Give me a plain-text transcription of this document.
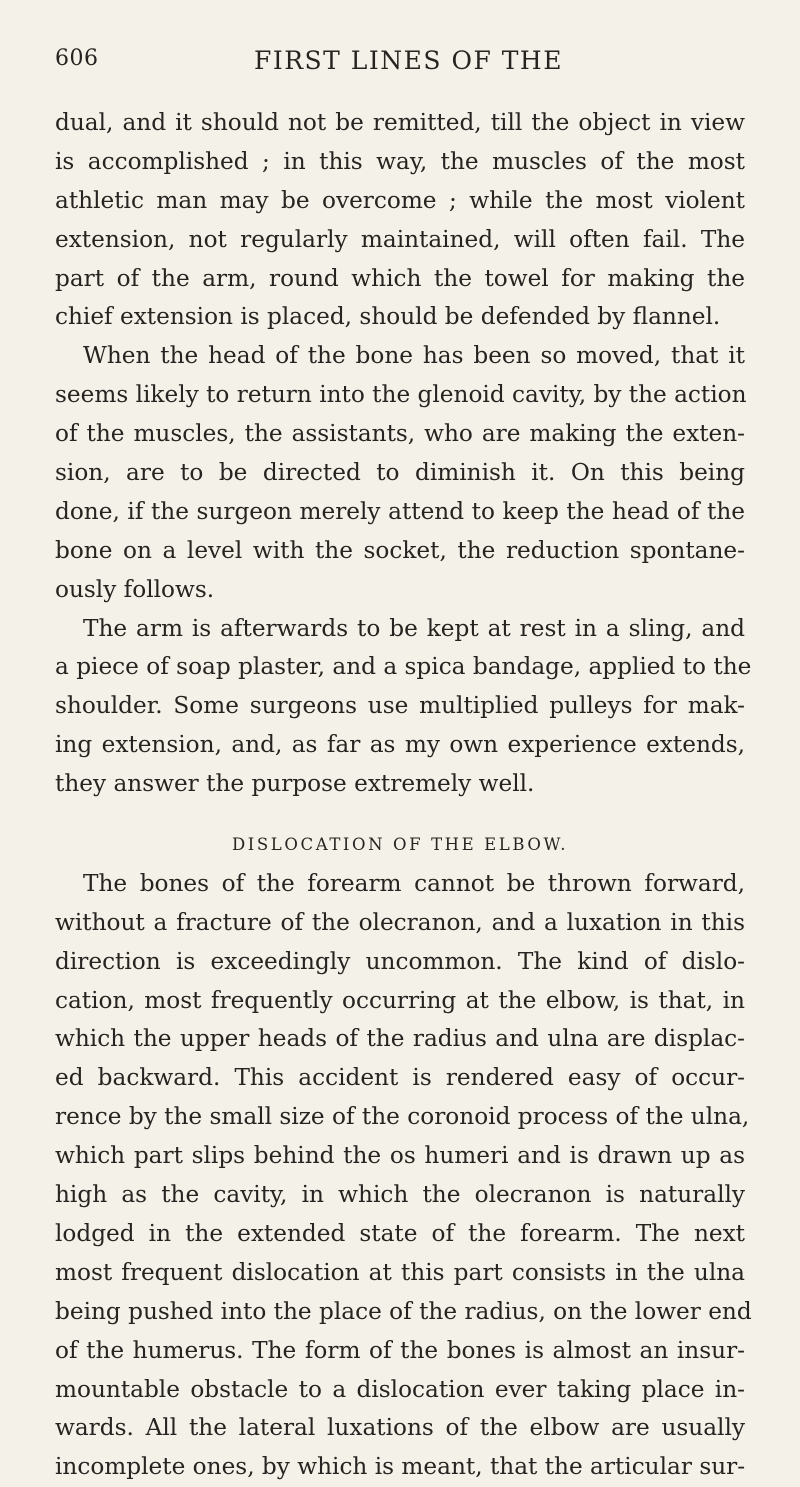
606	FIRST LINES OF THE
dual, and it should not be remitted, till the object in view
is accomplished ; in this way, the muscles of the most
athletic man may be overcome ; while the most violent
extension, not regularly maintained, will often fail. The
part of the arm, round which the towel for making the
chief extension is placed, should be defended by flannel.
When the head of the bone has been so moved, that it
seems likely to return into the glenoid cavity, by the action
of the muscles, the assistants, who are making the exten-
sion, are to be directed to diminish it. On this being
done, if the surgeon merely attend to keep the head of the
bone on a level with the socket, the reduction spontane-
ously follows.
The arm is afterwards to be kept at rest in a sling, and
a piece of soap plaster, and a spica bandage, applied to the
shoulder. Some surgeons use multiplied pulleys for mak-
ing extension, and, as far as my own experience extends,
they answer the purpose extremely well.
DISLOCATION OF THE ELBOW.
The bones of the forearm cannot be thrown forward,
without a fracture of the olecranon, and a luxation in this
direction is exceedingly uncommon. The kind of dislo-
cation, most frequently occurring at the elbow, is that, in
which the upper heads of the radius and ulna are displac-
ed backward. This accident is rendered easy of occur-
rence by the small size of the coronoid process of the ulna,
which part slips behind the os humeri and is drawn up as
high as the cavity, in which the olecranon is naturally
lodged in the extended state of the forearm. The next
most frequent dislocation at this part consists in the ulna
being pushed into the place of the radius, on the lower end
of the humerus. The form of the bones is almost an insur-
mountable obstacle to a dislocation ever taking place in-
wards. All the lateral luxations of the elbow are usually
incomplete ones, by which is meant, that the articular sur-
